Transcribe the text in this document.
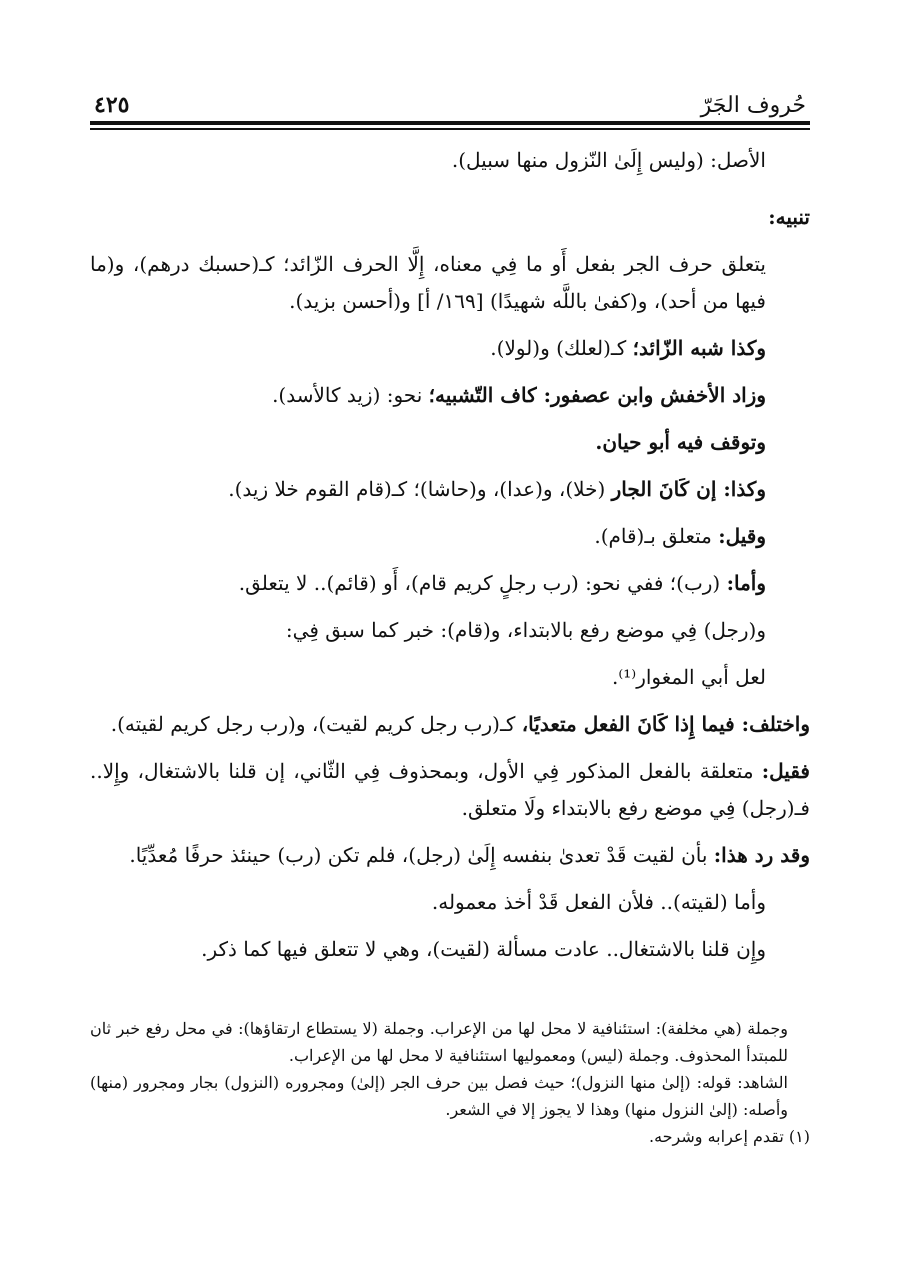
حُروف الجَرّ
٤٢٥

الأصل: (وليس إِلَىٰ النّزول منها سبيل).

تنبيه:

يتعلق حرف الجر بفعل أَو ما فِي معناه، إِلَّا الحرف الزّائد؛ كـ(حسبك درهم)، و(ما فيها من أحد)، و(كفىٰ باللَّه شهيدًا) [١٦٩/ أ] و(أحسن بزيد).

وكذا شبه الزّائد؛ كـ(لعلك) و(لولا).

وزاد الأخفش وابن عصفور: كاف التّشبيه؛ نحو: (زيد كالأسد).

وتوقف فيه أبو حيان.

وكذا: إن كَانَ الجار (خلا)، و(عدا)، و(حاشا)؛ كـ(قام القوم خلا زيد).

وقيل: متعلق بـ(قام).

وأما: (رب)؛ ففي نحو: (رب رجلٍ كريم قام)، أَو (قائم).. لا يتعلق.

و(رجل) فِي موضع رفع بالابتداء، و(قام): خبر كما سبق فِي:

لعل أبي المغوار⁽¹⁾.

واختلف: فيما إِذا كَانَ الفعل متعديًا، كـ(رب رجل كريم لقيت)، و(رب رجل كريم لقيته).

فقيل: متعلقة بالفعل المذكور فِي الأول، وبمحذوف فِي الثّاني، إن قلنا بالاشتغال، وإِلا.. فـ(رجل) فِي موضع رفع بالابتداء ولَا متعلق.

وقد رد هذا: بأن لقيت قَدْ تعدىٰ بنفسه إِلَىٰ (رجل)، فلم تكن (رب) حينئذ حرفًا مُعدِّيًا.

وأما (لقيته).. فلأن الفعل قَدْ أخذ معموله.

وإِن قلنا بالاشتغال.. عادت مسألة (لقيت)، وهي لا تتعلق فيها كما ذكر.

وجملة (هي مخلفة): استئنافية لا محل لها من الإعراب. وجملة (لا يستطاع ارتقاؤها): في محل رفع خبر ثان للمبتدأ المحذوف. وجملة (ليس) ومعموليها استئنافية لا محل لها من الإعراب.

الشاهد: قوله: (إلىٰ منها النزول)؛ حيث فصل بين حرف الجر (إلىٰ) ومجروره (النزول) بجار ومجرور (منها) وأصله: (إلىٰ النزول منها) وهذا لا يجوز إلا في الشعر.

(١) تقدم إعرابه وشرحه.
